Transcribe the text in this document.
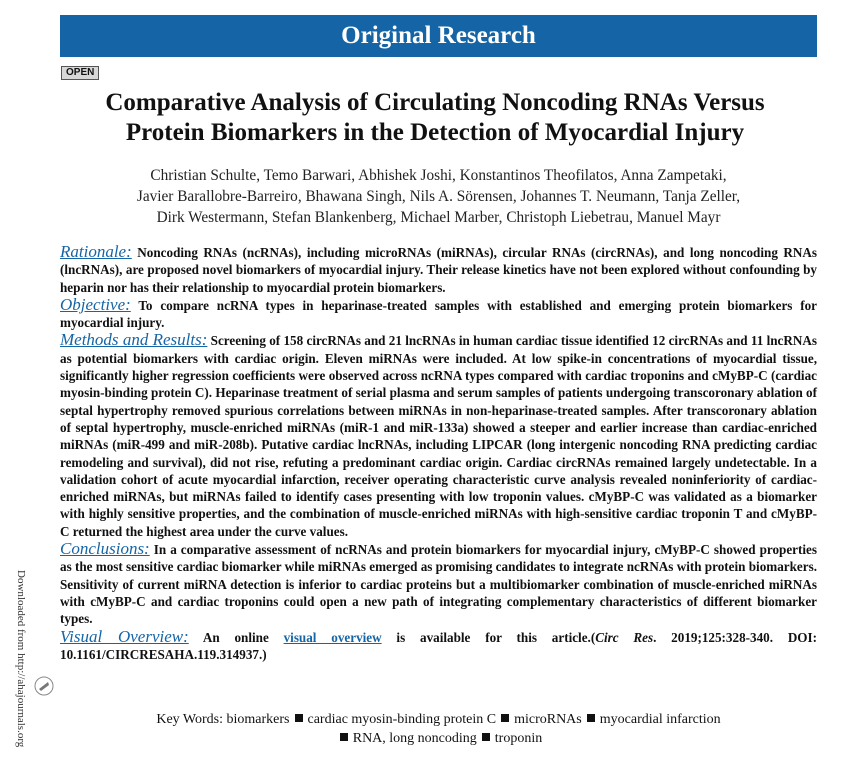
Original Research
OPEN
Comparative Analysis of Circulating Noncoding RNAs Versus
Protein Biomarkers in the Detection of Myocardial Injury
Christian Schulte, Temo Barwari, Abhishek Joshi, Konstantinos Theofilatos, Anna Zampetaki,
Javier Barallobre-Barreiro, Bhawana Singh, Nils A. Sörensen, Johannes T. Neumann, Tanja Zeller,
Dirk Westermann, Stefan Blankenberg, Michael Marber, Christoph Liebetrau, Manuel Mayr

Rationale: Noncoding RNAs (ncRNAs), including microRNAs (miRNAs), circular RNAs (circRNAs), and long noncoding RNAs (lncRNAs), are proposed novel biomarkers of myocardial injury. Their release kinetics have not been explored without confounding by heparin nor has their relationship to myocardial protein biomarkers.

Objective: To compare ncRNA types in heparinase-treated samples with established and emerging protein biomarkers for myocardial injury.

Methods and Results: Screening of 158 circRNAs and 21 lncRNAs in human cardiac tissue identified 12 circRNAs and 11 lncRNAs as potential biomarkers with cardiac origin. Eleven miRNAs were included. At low spike-in concentrations of myocardial tissue, significantly higher regression coefficients were observed across ncRNA types compared with cardiac troponins and cMyBP-C (cardiac myosin-binding protein C). Heparinase treatment of serial plasma and serum samples of patients undergoing transcoronary ablation of septal hypertrophy removed spurious correlations between miRNAs in non-heparinase-treated samples. After transcoronary ablation of septal hypertrophy, muscle-enriched miRNAs (miR-1 and miR-133a) showed a steeper and earlier increase than cardiac-enriched miRNAs (miR-499 and miR-208b). Putative cardiac lncRNAs, including LIPCAR (long intergenic noncoding RNA predicting cardiac remodeling and survival), did not rise, refuting a predominant cardiac origin. Cardiac circRNAs remained largely undetectable. In a validation cohort of acute myocardial infarction, receiver operating characteristic curve analysis revealed noninferiority of cardiac-enriched miRNAs, but miRNAs failed to identify cases presenting with low troponin values. cMyBP-C was validated as a biomarker with highly sensitive properties, and the combination of muscle-enriched miRNAs with high-sensitive cardiac troponin T and cMyBP-C returned the highest area under the curve values.

Conclusions: In a comparative assessment of ncRNAs and protein biomarkers for myocardial injury, cMyBP-C showed properties as the most sensitive cardiac biomarker while miRNAs emerged as promising candidates to integrate ncRNAs with protein biomarkers. Sensitivity of current miRNA detection is inferior to cardiac proteins but a multibiomarker combination of muscle-enriched miRNAs with cMyBP-C and cardiac troponins could open a new path of integrating complementary characteristics of different biomarker types.

Visual Overview: An online visual overview is available for this article.(Circ Res. 2019;125:328-340. DOI: 10.1161/CIRCRESAHA.119.314937.)

Key Words: biomarkers cardiac myosin-binding protein C microRNAs myocardial infarction
RNA, long noncoding troponin
Downloaded from http://ahajournals.org
